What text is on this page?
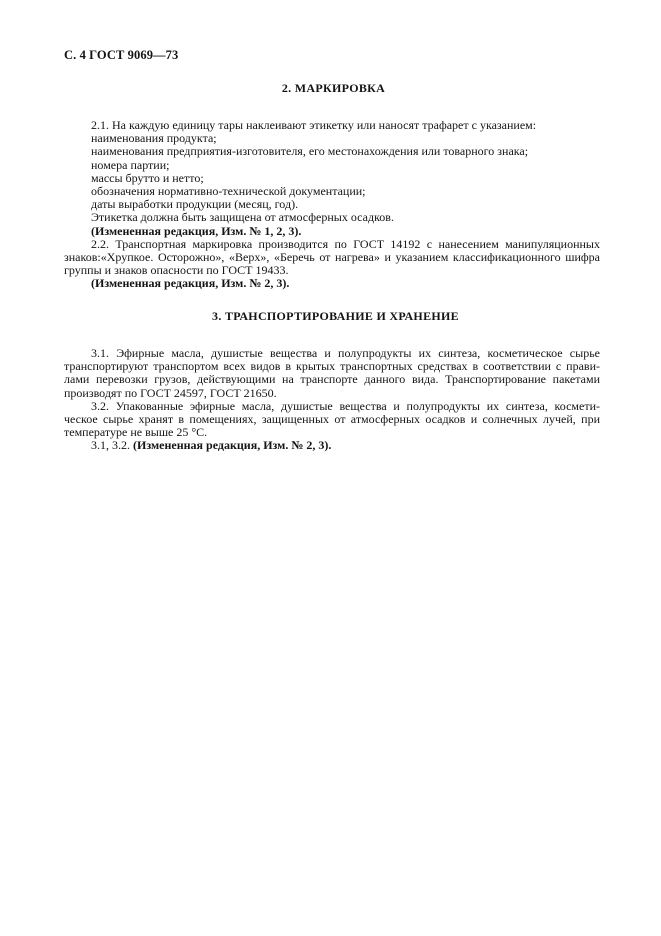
С. 4 ГОСТ 9069—73
2. МАРКИРОВКА
2.1. На каждую единицу тары наклеивают этикетку или наносят трафарет с указанием:
наименования продукта;
наименования предприятия-изготовителя, его местонахождения или товарного знака;
номера партии;
массы брутто и нетто;
обозначения нормативно-технической документации;
даты выработки продукции (месяц, год).
Этикетка должна быть защищена от атмосферных осадков.
(Измененная редакция, Изм. № 1, 2, 3).
2.2. Транспортная маркировка производится по ГОСТ 14192 с нанесением манипуляционных
знаков:«Хрупкое. Осторожно», «Верх», «Беречь от нагрева» и указанием классификационного шифра
группы и знаков опасности по ГОСТ 19433.
(Измененная редакция, Изм. № 2, 3).
3. ТРАНСПОРТИРОВАНИЕ И ХРАНЕНИЕ
3.1. Эфирные масла, душистые вещества и полупродукты их синтеза, косметическое сырье
транспортируют транспортом всех видов в крытых транспортных средствах в соответствии с прави-
лами перевозки грузов, действующими на транспорте данного вида. Транспортирование пакетами
производят по ГОСТ 24597, ГОСТ 21650.
3.2. Упакованные эфирные масла, душистые вещества и полупродукты их синтеза, космети-
ческое сырье хранят в помещениях, защищенных от атмосферных осадков и солнечных лучей, при
температуре не выше 25 °С.
3.1, 3.2. (Измененная редакция, Изм. № 2, 3).
